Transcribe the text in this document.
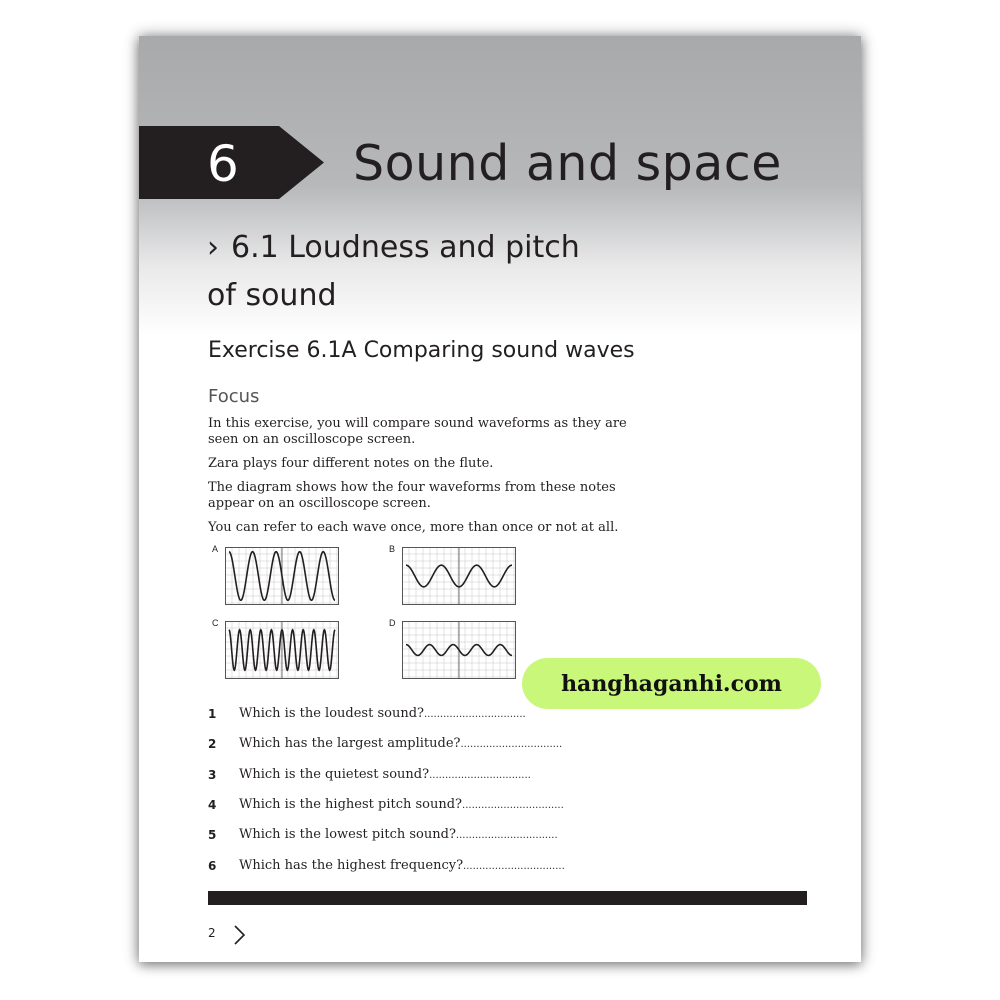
6 Sound and space
› 6.1 Loudness and pitch
of sound
Exercise 6.1A Comparing sound waves
Focus
In this exercise, you will compare sound waveforms as they are seen on an oscilloscope screen.
Zara plays four different notes on the flute.
The diagram shows how the four waveforms from these notes appear on an oscilloscope screen.
You can refer to each wave once, more than once or not at all.
A	B
C	D
1 Which is the loudest sound?................................
2 Which has the largest amplitude?................................
3 Which is the quietest sound?................................
4 Which is the highest pitch sound?................................
5 Which is the lowest pitch sound?................................
6 Which has the highest frequency?................................
2
hanghaganhi.com
